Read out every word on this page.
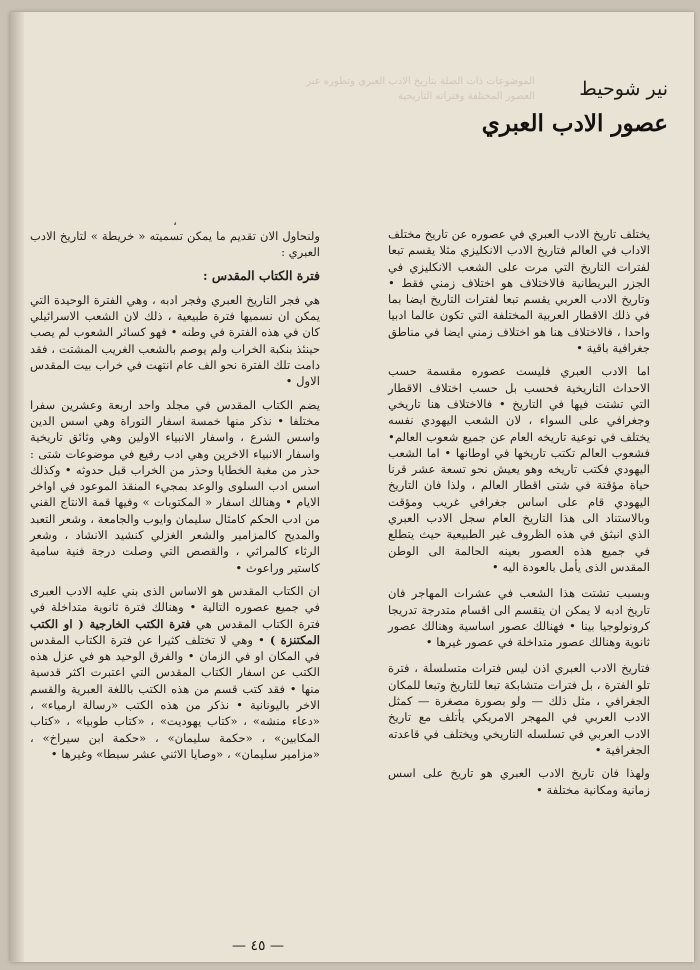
الموضوعات ذات الصلة بتاريخ الادب العبري وتطوره عبر العصور المختلفة وفتراته التاريخية نير شوحيط
عصور الادب العبري

يختلف تاريخ الادب العبري في عصوره عن تاريخ مختلف الاداب في العالم فتاريخ الادب الانكليزي مثلا يقسم تبعا لفترات التاريخ التي مرت على الشعب الانكليزي في الجزر البريطانية فالاختلاف هو اختلاف زمني فقط • وتاريخ الادب العربي يقسم تبعا لفترات التاريخ ايضا بما في ذلك الاقطار العربية المختلفة التي تكون عالما ادبيا واحدا ، فالاختلاف هنا هو اختلاف زمني ايضا في مناطق جغرافية باقية •

اما الادب العبري فليست عصوره مقسمة حسب الاحداث التاريخية فحسب بل حسب اختلاف الاقطار التي تشتت فيها في التاريخ • فالاختلاف هنا تاريخي وجغرافي على السواء ، لان الشعب اليهودي نفسه يختلف في نوعية تاريخه العام عن جميع شعوب العالم• فشعوب العالم تكتب تاريخها في اوطانها • اما الشعب اليهودي فكتب تاريخه وهو يعيش نحو تسعة عشر قرنا حياة مؤقتة في شتى اقطار العالم ، ولذا فان التاريخ اليهودي قام على اساس جغرافي غريب ومؤقت وبالاستناد الى هذا التاريخ العام سجل الادب العبري الذي انبثق في هذه الظروف غير الطبيعية حيث يتطلع في جميع هذه العصور بعينه الحالمة الى الوطن المقدس الذى يأمل بالعودة اليه •

وبسبب تشتت هذا الشعب في عشرات المهاجر فان تاريخ ادبه لا يمكن ان يتقسم الى اقسام متدرجة تدريجا كرونولوجيا بينا • فهنالك عصور اساسية وهنالك عصور ثانوية وهنالك عصور متداخلة في عصور غيرها •

فتاريخ الادب العبري اذن ليس فترات متسلسلة ، فترة تلو الفترة ، بل فترات متشابكة تبعا للتاريخ وتبعا للمكان الجغرافي ، مثل ذلك — ولو بصورة مصغرة — كمثل الادب العربي في المهجر الامريكي يأتلف مع تاريخ الادب العربي في تسلسله التاريخي ويختلف في قاعدته الجغرافية •

ولهذا فان تاريخ الادب العبري هو تاريخ على اسس زمانية ومكانية مختلفة •

،

ولنحاول الان تقديم ما يمكن تسميته « خريطة » لتاريخ الادب العبري :

فترة الكتاب المقدس :

هي فجر التاريخ العبري وفجر ادبه ، وهي الفترة الوحيدة التي يمكن ان نسميها فترة طبيعية ، ذلك لان الشعب الاسرائيلي كان في هذه الفترة في وطنه • فهو كسائر الشعوب لم يصب حينئذ بنكبة الخراب ولم يوصم بالشعب الغريب المشتت ، فقد دامت تلك الفترة نحو الف عام انتهت في خراب بيت المقدس الاول •

يضم الكتاب المقدس في مجلد واحد اربعة وعشرين سفرا مختلفا • نذكر منها خمسة اسفار التوراة وهي اسس الدين واسس الشرع ، واسفار الانبياء الاولين وهي وثائق تاريخية واسفار الانبياء الاخرين وهي ادب رفيع في موضوعات شتى : حذر من مغبة الخطايا وحذر من الخراب قبل حدوثه • وكذلك اسس ادب السلوى والوعد بمجيء المنقذ الموعود في اواخر الايام • وهنالك اسفار « المكتوبات » وفيها قمة الانتاج الفني من ادب الحكم كامثال سليمان وايوب والجامعة ، وشعر التعبد والمديح كالمزامير والشعر الغزلي كنشيد الانشاد ، وشعر الرثاء كالمراثي ، والقصص التي وصلت درجة فنية سامية كاستير وراعوث •

ان الكتاب المقدس هو الاساس الذى بني عليه الادب العبرى في جميع عصوره التالية • وهنالك فترة ثانوية متداخلة في فترة الكتاب المقدس هي فترة الكتب الخارجية ( او الكتب المكتنزة ) • وهي لا تختلف كثيرا عن فترة الكتاب المقدس في المكان او في الزمان • والفرق الوحيد هو في عزل هذه الكتب عن اسفار الكتاب المقدس التي اعتبرت اكثر قدسية منها • فقد كتب قسم من هذه الكتب باللغة العبرية والقسم الاخر باليونانية • نذكر من هذه الكتب «رسالة ارمياء» ، «دعاء منشه» ، «كتاب يهوديت» ، «كتاب طوبيا» ، «كتاب المكابين» ، «حكمة سليمان» ، «حكمة ابن سيراخ» ، «مزامير سليمان» ، «وصايا الاثني عشر سبطا» وغيرها •

— ٤٥ —
